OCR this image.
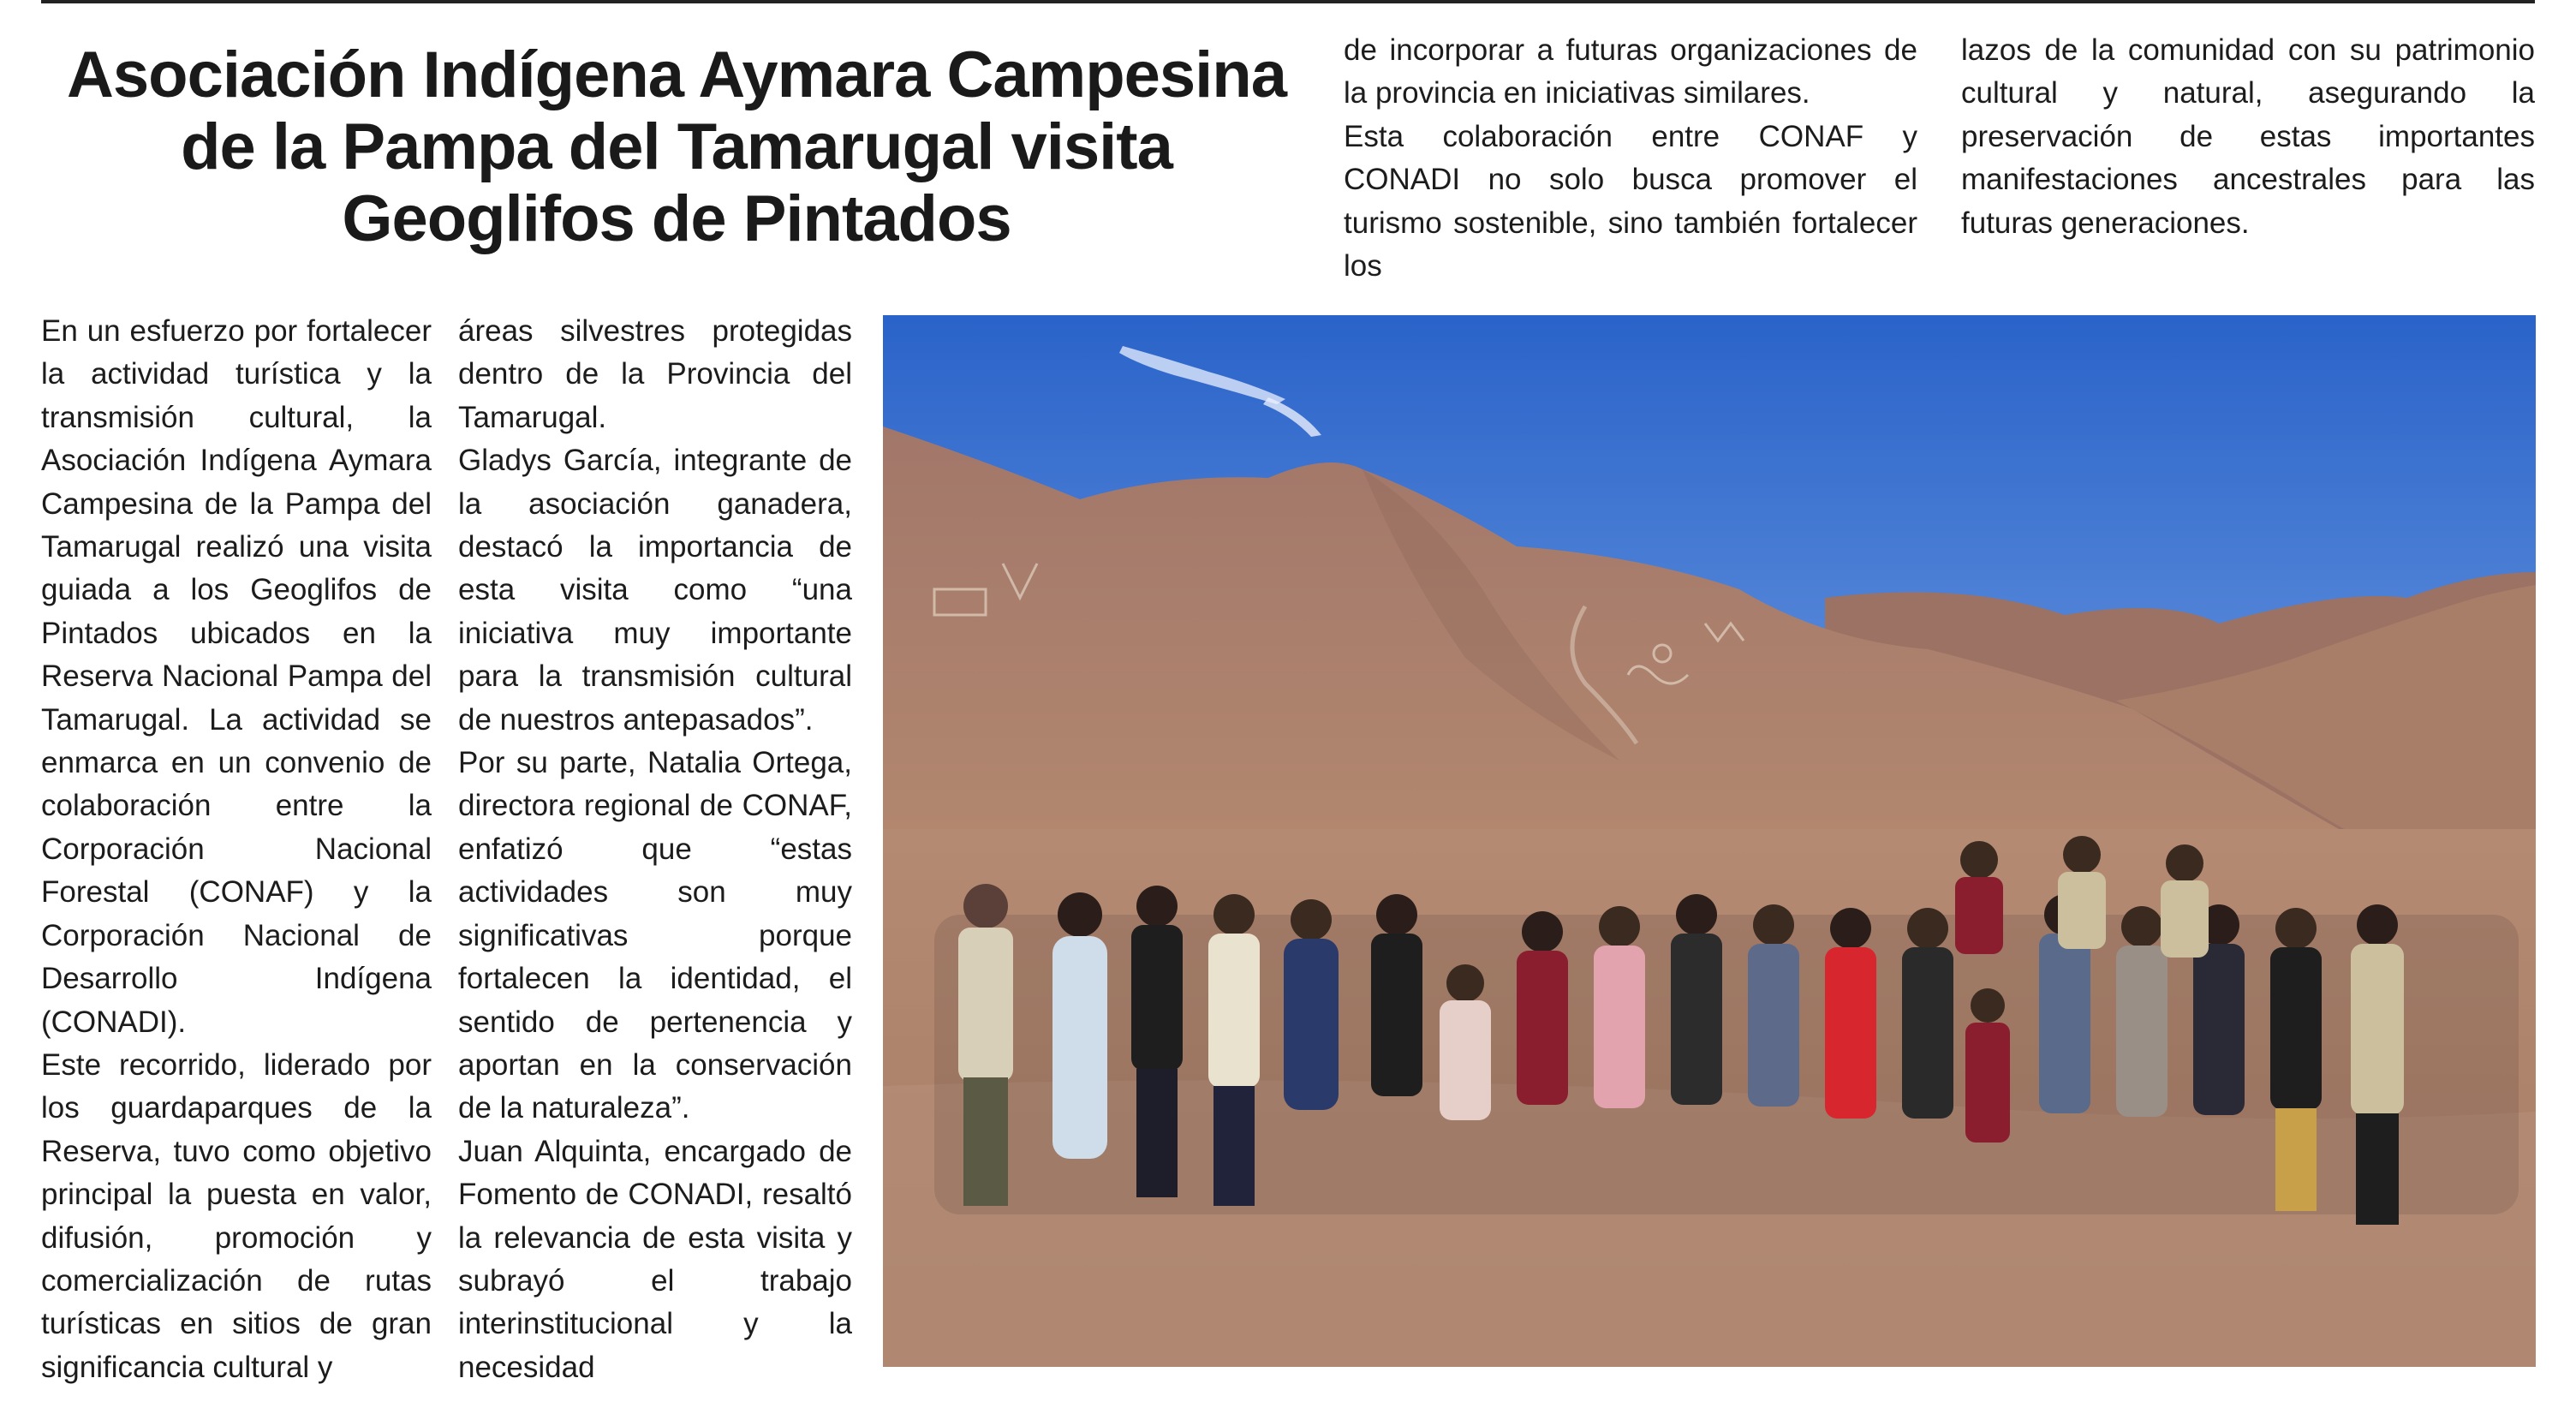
Asociación Indígena Aymara Campesina de la Pampa del Tamarugal visita Geoglifos de Pintados

En un esfuerzo por fortalecer la actividad turística y la transmisión cultural, la Asociación Indígena Aymara Campesina de la Pampa del Tamarugal realizó una visita guiada a los Geoglifos de Pintados ubicados en la Reserva Nacional Pampa del Tamarugal. La actividad se enmarca en un convenio de colaboración entre la Corporación Nacional Forestal (CONAF) y la Corporación Nacional de Desarrollo Indígena (CONADI).

Este recorrido, liderado por los guardaparques de la Reserva, tuvo como objetivo principal la puesta en valor, difusión, promoción y comercialización de rutas turísticas en sitios de gran significancia cultural y

áreas silvestres protegidas dentro de la Provincia del Tamarugal.

Gladys García, integrante de la asociación ganadera, destacó la importancia de esta visita como “una iniciativa muy importante para la transmisión cultural de nuestros antepasados”.

Por su parte, Natalia Ortega, directora regional de CONAF, enfatizó que “estas actividades son muy significativas porque fortalecen la identidad, el sentido de pertenencia y aportan en la conservación de la naturaleza”.

Juan Alquinta, encargado de Fomento de CONADI, resaltó la relevancia de esta visita y subrayó el trabajo interinstitucional y la necesidad

de incorporar a futuras organizaciones de la provincia en iniciativas similares.

Esta colaboración entre CONAF y CONADI no solo busca promover el turismo sostenible, sino también fortalecer los

lazos de la comunidad con su patrimonio cultural y natural, asegurando la preservación de estas importantes manifestaciones ancestrales para las futuras generaciones.
